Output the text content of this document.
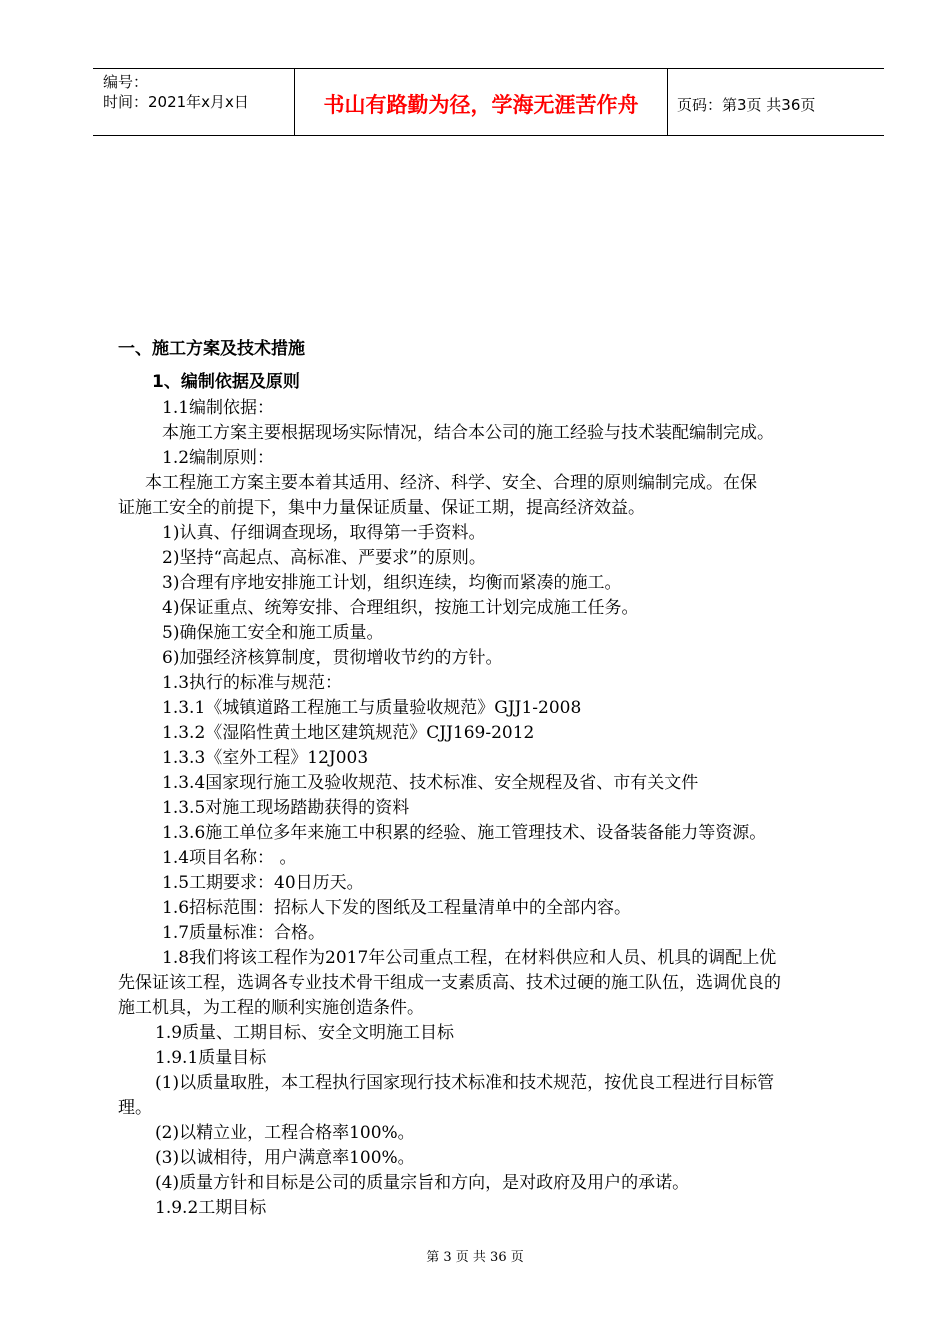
编号：
时间：2021年x月x日	书山有路勤为径，学海无涯苦作舟	页码：第3页 共36页
一、施工方案及技术措施
1、编制依据及原则
1.1编制依据：
本施工方案主要根据现场实际情况，结合本公司的施工经验与技术装配编制完成。
1.2编制原则：
本工程施工方案主要本着其适用、经济、科学、安全、合理的原则编制完成。在保
证施工安全的前提下，集中力量保证质量、保证工期，提高经济效益。
1)认真、仔细调查现场，取得第一手资料。
2)坚持“高起点、高标准、严要求”的原则。
3)合理有序地安排施工计划，组织连续，均衡而紧凑的施工。
4)保证重点、统筹安排、合理组织，按施工计划完成施工任务。
5)确保施工安全和施工质量。
6)加强经济核算制度，贯彻增收节约的方针。
1.3执行的标准与规范：
1.3.1《城镇道路工程施工与质量验收规范》GJJ1-2008
1.3.2《湿陷性黄土地区建筑规范》CJJ169-2012
1.3.3《室外工程》12J003
1.3.4国家现行施工及验收规范、技术标准、安全规程及省、市有关文件
1.3.5对施工现场踏勘获得的资料
1.3.6施工单位多年来施工中积累的经验、施工管理技术、设备装备能力等资源。
1.4项目名称： 。
1.5工期要求：40日历天。
1.6招标范围：招标人下发的图纸及工程量清单中的全部内容。
1.7质量标准：合格。
1.8我们将该工程作为2017年公司重点工程，在材料供应和人员、机具的调配上优
先保证该工程，选调各专业技术骨干组成一支素质高、技术过硬的施工队伍，选调优良的
施工机具，为工程的顺利实施创造条件。
1.9质量、工期目标、安全文明施工目标
1.9.1质量目标
(1)以质量取胜，本工程执行国家现行技术标准和技术规范，按优良工程进行目标管
理。
(2)以精立业，工程合格率100%。
(3)以诚相待，用户满意率100%。
(4)质量方针和目标是公司的质量宗旨和方向，是对政府及用户的承诺。
1.9.2工期目标
第 3 页 共 36 页
